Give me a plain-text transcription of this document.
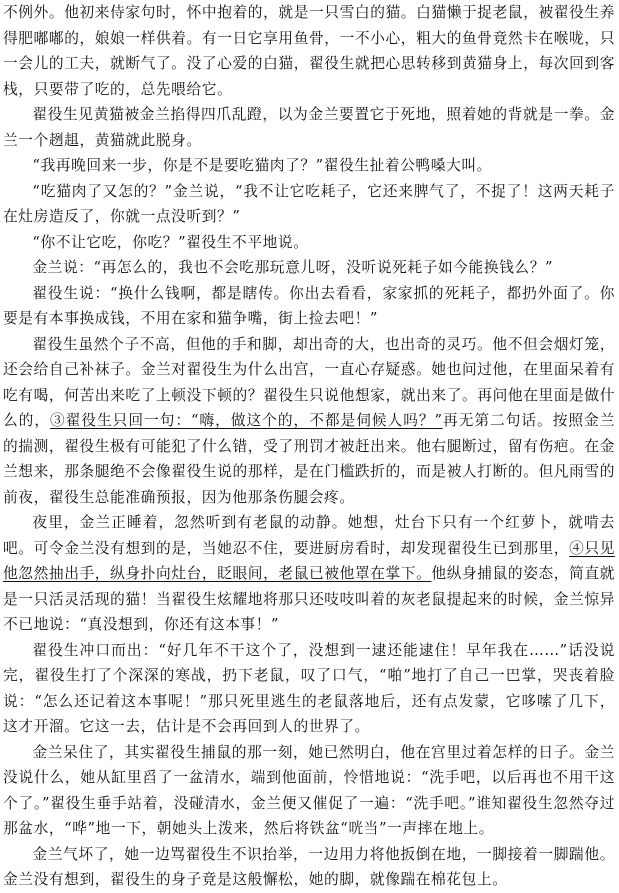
不例外。他初来侍家句时，怀中抱着的，就是一只雪白的猫。白猫懒于捉老鼠，被翟役生养得肥嘟嘟的，娘娘一样供着。有一日它享用鱼骨，一不小心，粗大的鱼骨竟然卡在喉咙，只一会儿的工夫，就断气了。没了心爱的白猫，翟役生就把心思转移到黄猫身上，每次回到客栈，只要带了吃的，总先喂给它。

翟役生见黄猫被金兰掐得四爪乱蹬，以为金兰要置它于死地，照着她的背就是一拳。金兰一个趔趄，黄猫就此脱身。

“我再晚回来一步，你是不是要吃猫肉了？”翟役生扯着公鸭嗓大叫。

“吃猫肉了又怎的？”金兰说，“我不让它吃耗子，它还来脾气了，不捉了！这两天耗子在灶房造反了，你就一点没听到？”

“你不让它吃，你吃？”翟役生不平地说。

金兰说：“再怎么的，我也不会吃那玩意儿呀，没听说死耗子如今能换钱么？”

翟役生说：“换什么钱啊，都是瞎传。你出去看看，家家抓的死耗子，都扔外面了。你要是有本事换成钱，不用在家和猫争嘴，街上捡去吧！”

翟役生虽然个子不高，但他的手和脚，却出奇的大，也出奇的灵巧。他不但会烟灯笼，还会给自己补袜子。金兰对翟役生为什么出宫，一直心存疑惑。她也问过他，在里面呆着有吃有喝，何苦出来吃了上顿没下顿的？翟役生只说他想家，就出来了。再问他在里面是做什么的，③翟役生只回一句：“嗨，做这个的，不都是伺候人吗？”再无第二句话。按照金兰的揣测，翟役生极有可能犯了什么错，受了刑罚才被赶出来。他右腿断过，留有伤疤。在金兰想来，那条腿绝不会像翟役生说的那样，是在门槛跌折的，而是被人打断的。但凡雨雪的前夜，翟役生总能准确预报，因为他那条伤腿会疼。

夜里，金兰正睡着，忽然听到有老鼠的动静。她想，灶台下只有一个红萝卜，就啃去吧。可令金兰没有想到的是，当她忍不住，要进厨房看时，却发现翟役生已到那里，④只见他忽然抽出手，纵身扑向灶台，眨眼间，老鼠已被他罩在掌下。他纵身捕鼠的姿态，简直就是一只活灵活现的猫！当翟役生炫耀地将那只还吱吱叫着的灰老鼠提起来的时候，金兰惊异不已地说：“真没想到，你还有这本事！”

翟役生冲口而出：“好几年不干这个了，没想到一逮还能逮住！早年我在……”话没说完，翟役生打了个深深的寒战，扔下老鼠，叹了口气，“啪”地打了自己一巴掌，哭丧着脸说：“怎么还记着这本事呢！”那只死里逃生的老鼠落地后，还有点发蒙，它哆嗦了几下，这才开溜。它这一去，估计是不会再回到人的世界了。

金兰呆住了，其实翟役生捕鼠的那一刻，她已然明白，他在宫里过着怎样的日子。金兰没说什么，她从缸里舀了一盆清水，端到他面前，怜惜地说：“洗手吧，以后再也不用干这个了。”翟役生垂手站着，没碰清水，金兰便又催促了一遍：“洗手吧。”谁知翟役生忽然夺过那盆水，“哗”地一下，朝她头上泼来，然后将铁盆“咣当”一声摔在地上。

金兰气坏了，她一边骂翟役生不识抬举，一边用力将他扳倒在地，一脚接着一脚踹他。金兰没有想到，翟役生的身子竟是这般懈松，她的脚，就像踹在棉花包上。
